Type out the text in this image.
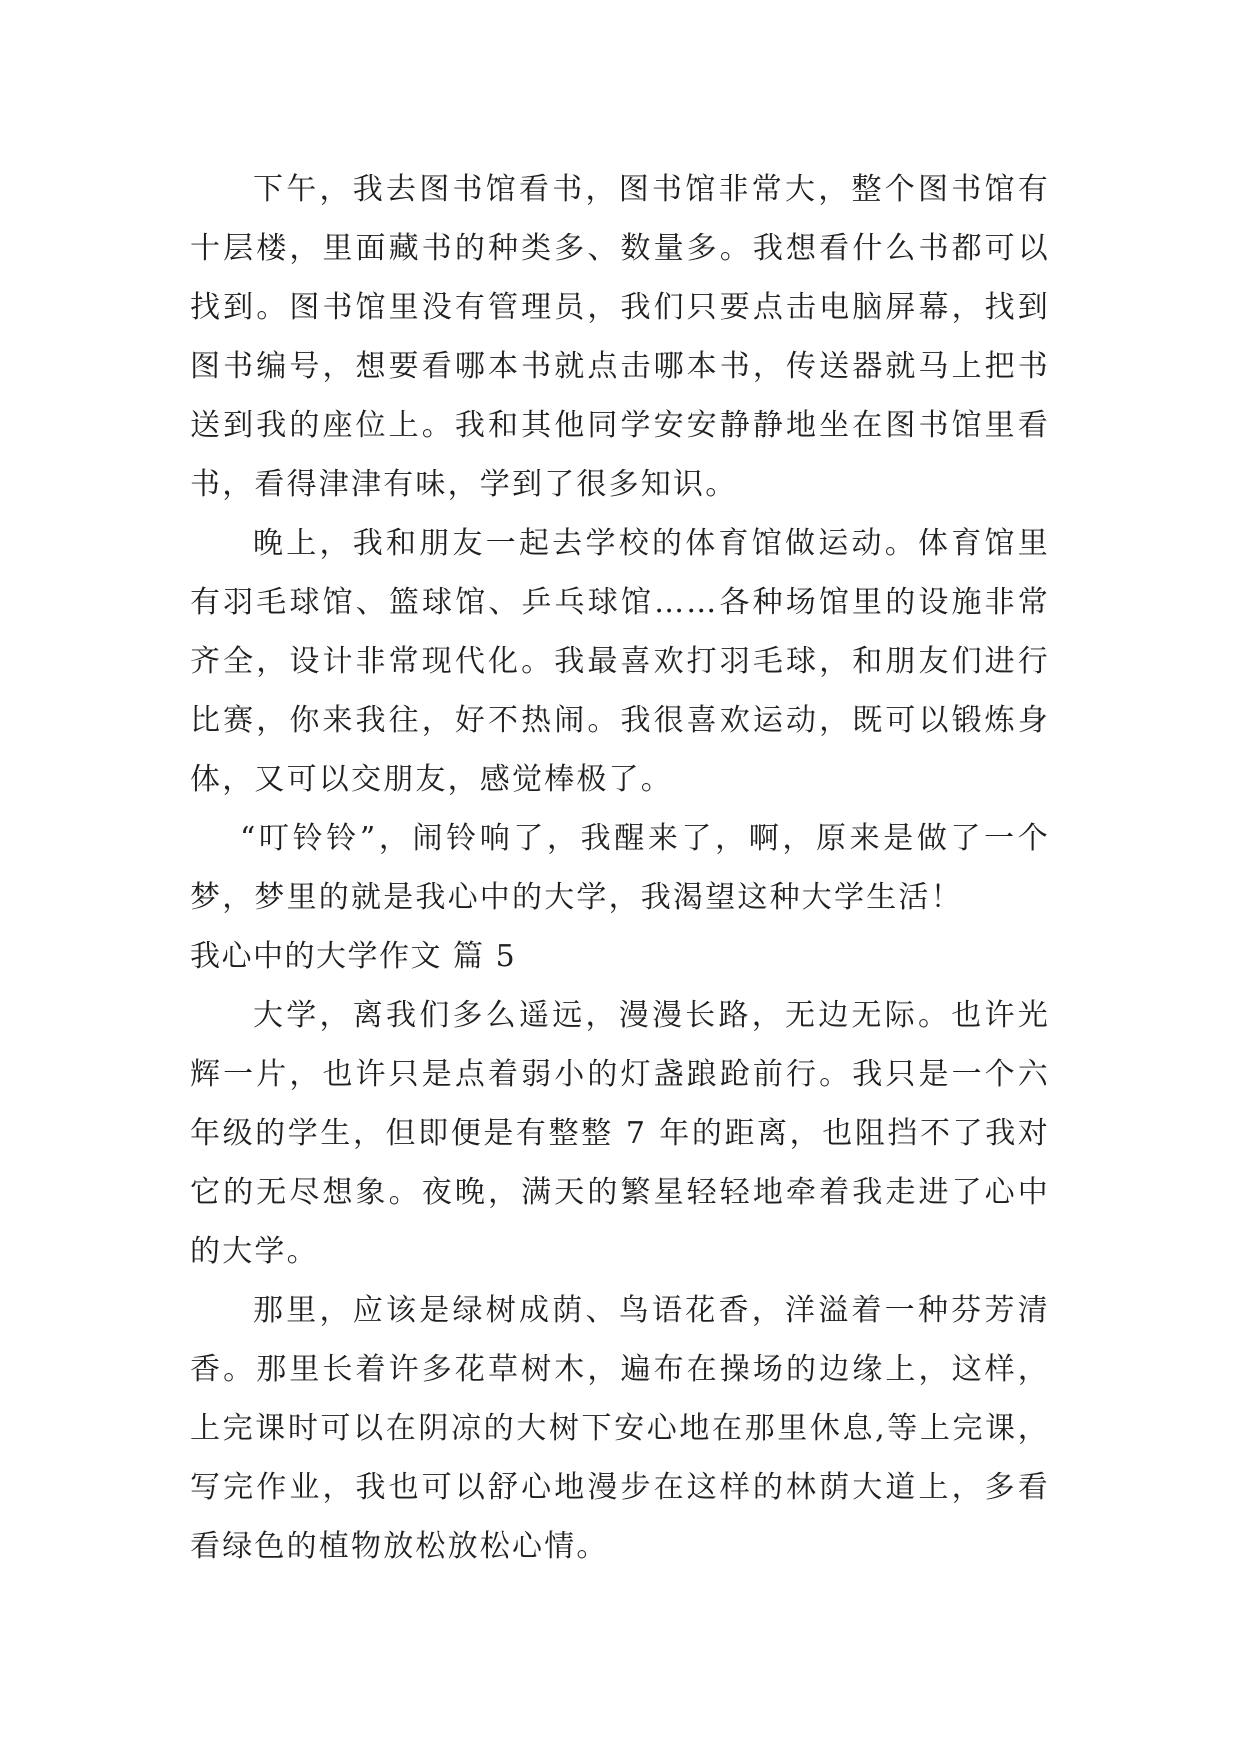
下午，我去图书馆看书，图书馆非常大，整个图书馆有十层楼，里面藏书的种类多、数量多。我想看什么书都可以找到。图书馆里没有管理员，我们只要点击电脑屏幕，找到图书编号，想要看哪本书就点击哪本书，传送器就马上把书送到我的座位上。我和其他同学安安静静地坐在图书馆里看书，看得津津有味，学到了很多知识。

晚上，我和朋友一起去学校的体育馆做运动。体育馆里有羽毛球馆、篮球馆、乒乓球馆……各种场馆里的设施非常齐全，设计非常现代化。我最喜欢打羽毛球，和朋友们进行比赛，你来我往，好不热闹。我很喜欢运动，既可以锻炼身体，又可以交朋友，感觉棒极了。

“叮铃铃”，闹铃响了，我醒来了，啊，原来是做了一个梦，梦里的就是我心中的大学，我渴望这种大学生活！

我心中的大学作文 篇 5

大学，离我们多么遥远，漫漫长路，无边无际。也许光辉一片，也许只是点着弱小的灯盏踉跄前行。我只是一个六年级的学生，但即便是有整整 7 年的距离，也阻挡不了我对它的无尽想象。夜晚，满天的繁星轻轻地牵着我走进了心中的大学。

那里，应该是绿树成荫、鸟语花香，洋溢着一种芬芳清香。那里长着许多花草树木，遍布在操场的边缘上，这样，上完课时可以在阴凉的大树下安心地在那里休息,等上完课，写完作业，我也可以舒心地漫步在这样的林荫大道上，多看看绿色的植物放松放松心情。
